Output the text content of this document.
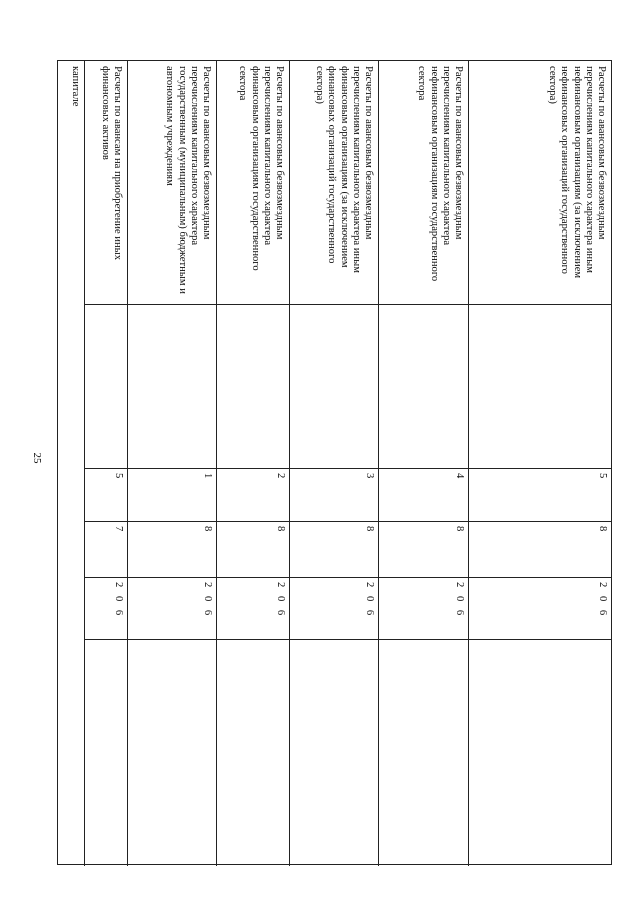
25
капитале	Расчеты по авансам на приобретение иных финансовых активов
5
7
2 0 6
Расчеты по авансовым безвозмездным перечислениям капитального характера государственным (муниципальным) бюджетным и автономным учреждениям
1
8
2 0 6
Расчеты по авансовым безвозмездным перечислениям капитального характера финансовым организациям государственного сектора
2
8
2 0 6
Расчеты по авансовым безвозмездным перечислениям капитального характера иным финансовым организациям (за исключением финансовых организаций государственного сектора)
3
8
2 0 6
Расчеты по авансовым безвозмездным перечислениям капитального характера нефинансовым организациям государственного сектора
4
8
2 0 6
Расчеты по авансовым безвозмездным перечислениям капитального характера иным нефинансовым организациям (за исключением нефинансовых организаций государственного сектора)
5
8
2 0 6
